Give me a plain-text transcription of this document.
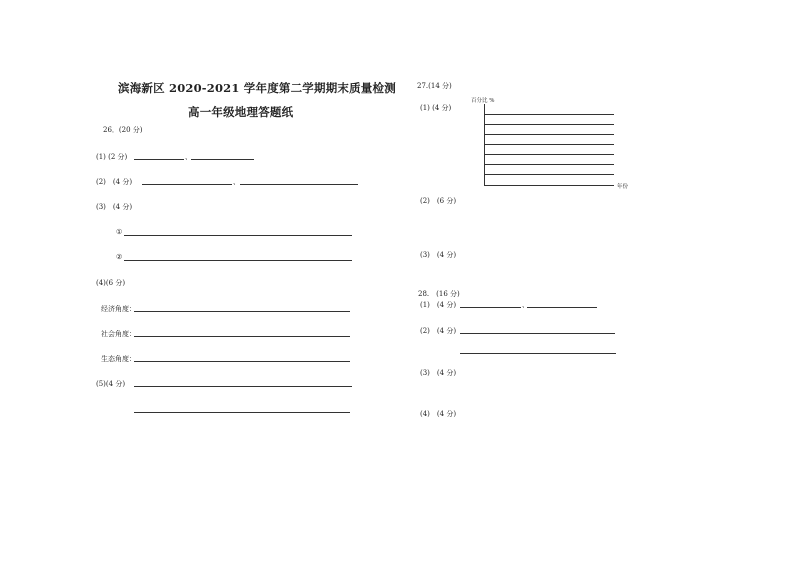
滨海新区 2020-2021 学年度第二学期期末质量检测
高一年级地理答题纸
26．(20 分)
(1) (2 分)	、
(2)　(4 分)	、
(3)　(4 分)
①
②
(4)(6 分)
经济角度：
社会角度：
生态角度：
(5)(4 分)
27.(14 分)
(1) (4 分)
百分比 %
年份
(2)　(6 分)
(3)　(4 分)
28.　(16 分)
(1)　(4 分)	、
(2)　(4 分)
(3)　(4 分)
(4)　(4 分)
